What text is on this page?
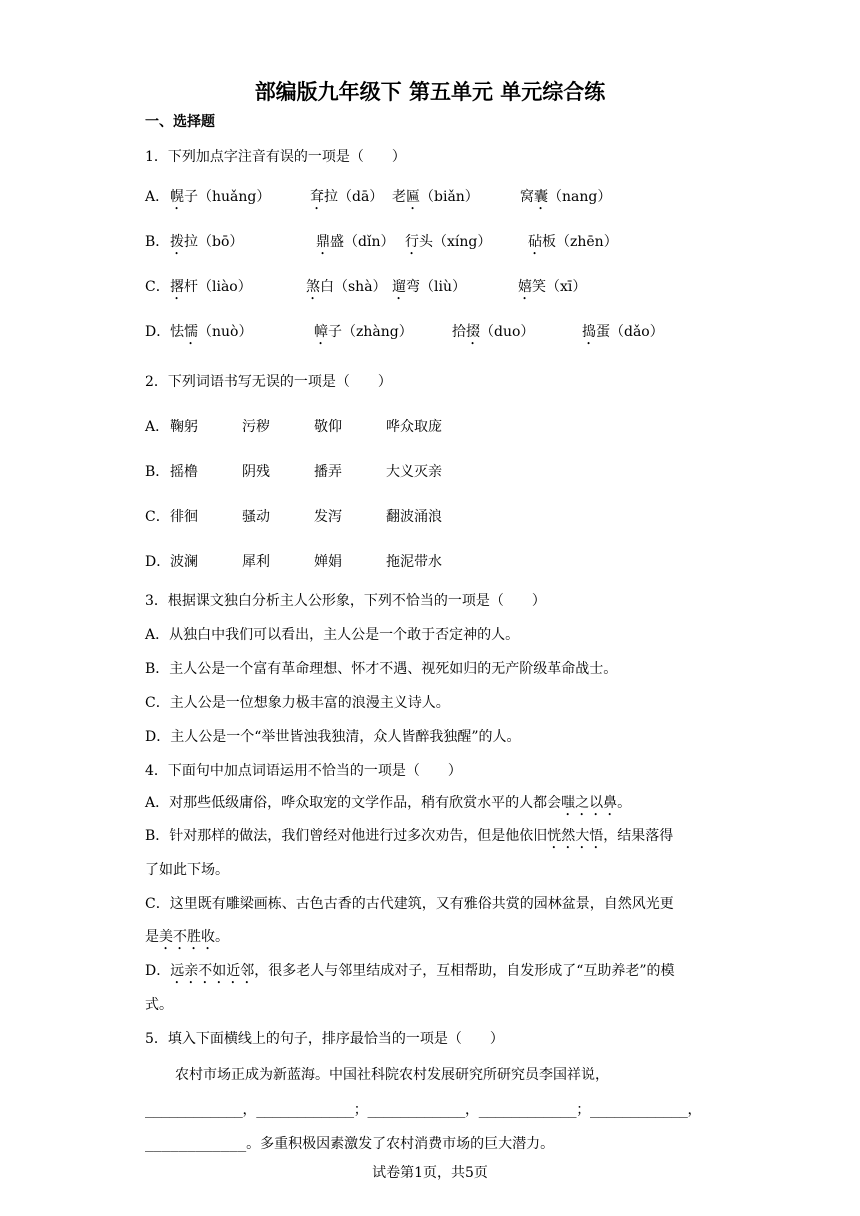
部编版九年级下 第五单元 单元综合练
一、选择题
1．下列加点字注音有误的一项是（　　）
A． 幌子（huǎng）	耷拉（dā） 老匾（biǎn）	窝囊（nang）
B． 拨拉（bō）	鼎盛（dǐn） 行头（xíng）	砧板（zhēn）
C． 撂杆（liào）	煞白（shà） 遛弯（liù）	嬉笑（xī）
D． 怯懦（nuò）	幛子（zhàng）	拾掇（duo）	捣蛋（dǎo）
2．下列词语书写无误的一项是（　　）
A． 鞠躬	污秽	敬仰	哗众取庞
B． 摇橹	阴残	播弄	大义灭亲
C． 徘徊	骚动	发泻	翻波涌浪
D． 波澜	犀利	婵娟	拖泥带水
3．根据课文独白分析主人公形象，下列不恰当的一项是（　　）
A．从独白中我们可以看出，主人公是一个敢于否定神的人。
B．主人公是一个富有革命理想、怀才不遇、视死如归的无产阶级革命战士。
C．主人公是一位想象力极丰富的浪漫主义诗人。
D．主人公是一个“举世皆浊我独清，众人皆醉我独醒”的人。
4．下面句中加点词语运用不恰当的一项是（　　）
A．对那些低级庸俗，哗众取宠的文学作品，稍有欣赏水平的人都会嗤之以鼻。
B．针对那样的做法，我们曾经对他进行过多次劝告，但是他依旧恍然大悟，结果落得
了如此下场。
C．这里既有雕梁画栋、古色古香的古代建筑，又有雅俗共赏的园林盆景，自然风光更
是美不胜收。
D．远亲不如近邻，很多老人与邻里结成对子，互相帮助，自发形成了“互助养老”的模
式。
5．填入下面横线上的句子，排序最恰当的一项是（　　）
农村市场正成为新蓝海。中国社科院农村发展研究所研究员李国祥说，
____________，____________；____________，____________；____________，
____________。多重积极因素激发了农村消费市场的巨大潜力。
试卷第1页，共5页
